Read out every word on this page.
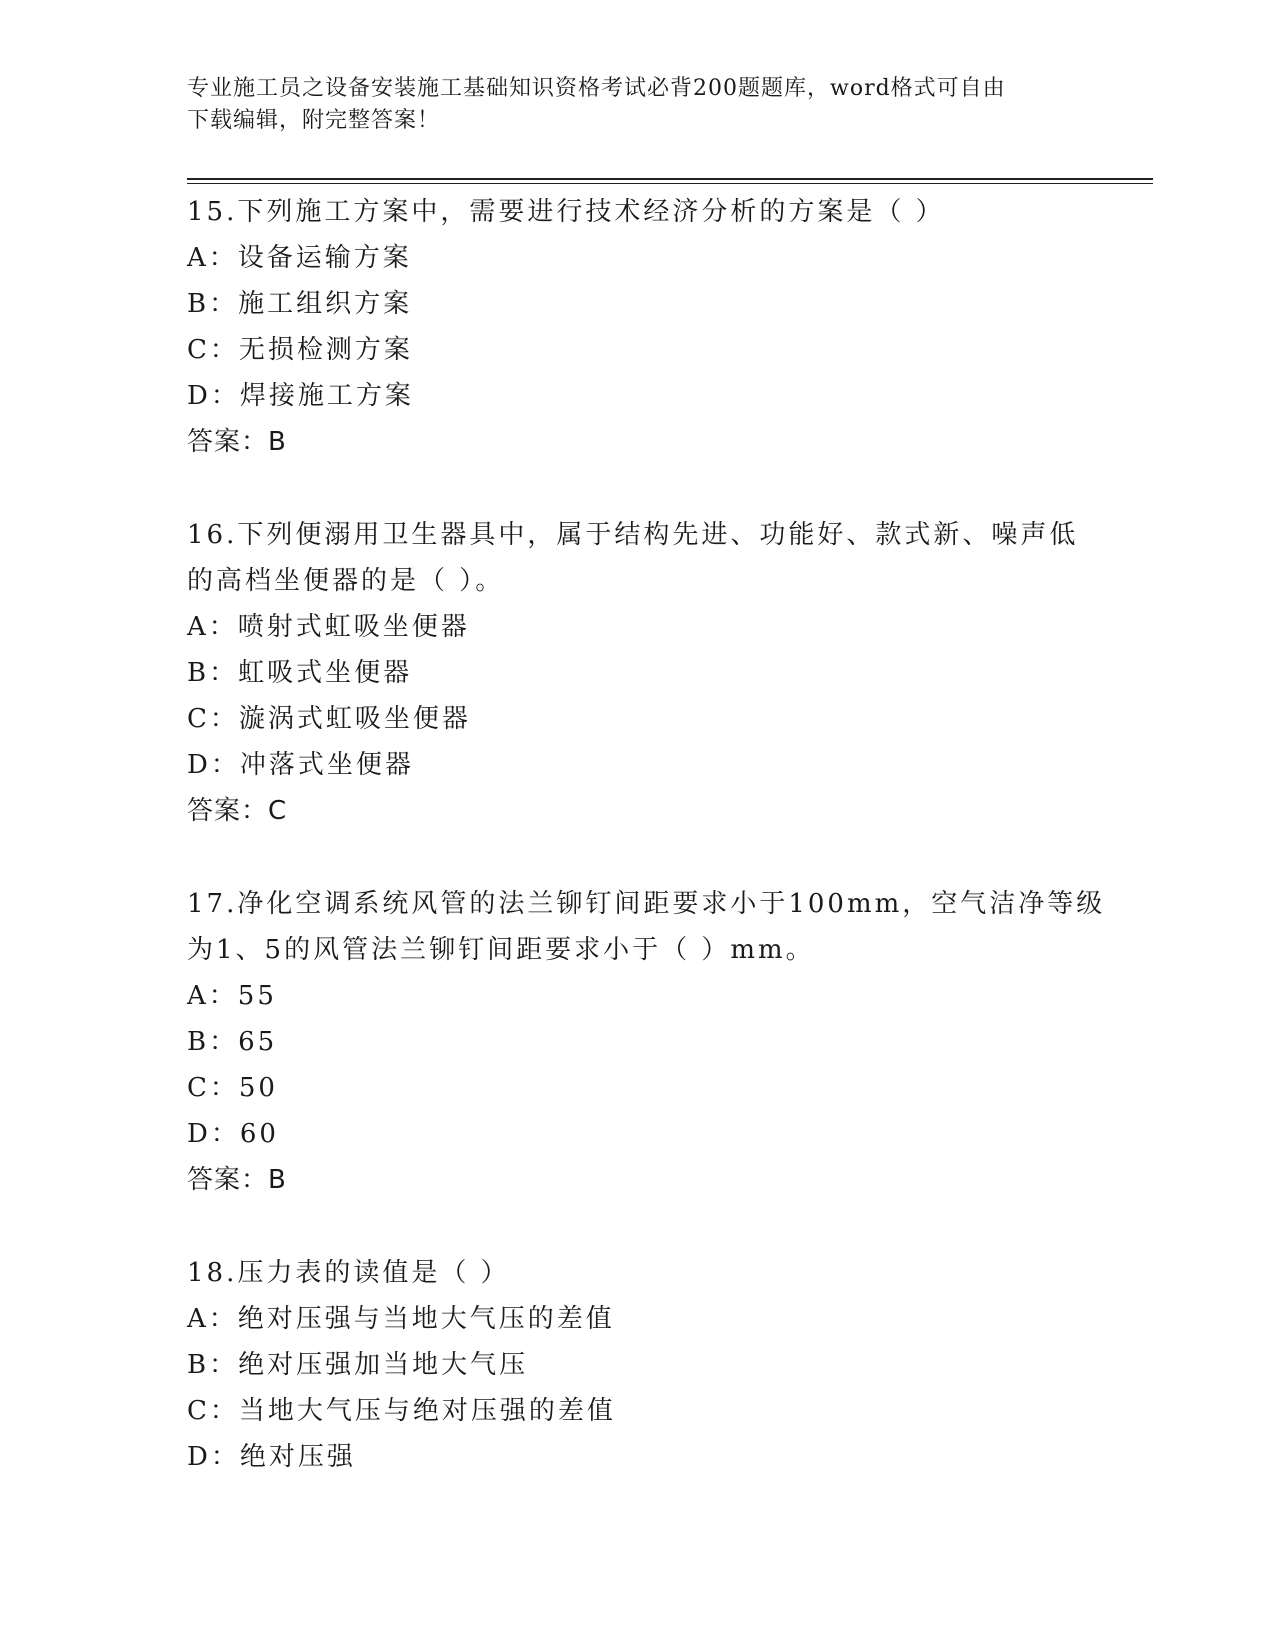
专业施工员之设备安装施工基础知识资格考试必背200题题库，word格式可自由
下载编辑，附完整答案！
15.下列施工方案中，需要进行技术经济分析的方案是（ ）
A：设备运输方案
B：施工组织方案
C：无损检测方案
D：焊接施工方案
答案：B
16.下列便溺用卫生器具中，属于结构先进、功能好、款式新、噪声低
的高档坐便器的是（ ）。
A：喷射式虹吸坐便器
B：虹吸式坐便器
C：漩涡式虹吸坐便器
D：冲落式坐便器
答案：C
17.净化空调系统风管的法兰铆钉间距要求小于100mm，空气洁净等级
为1、5的风管法兰铆钉间距要求小于（ ）mm。
A：55
B：65
C：50
D：60
答案：B
18.压力表的读值是（ ）
A：绝对压强与当地大气压的差值
B：绝对压强加当地大气压
C：当地大气压与绝对压强的差值
D：绝对压强
